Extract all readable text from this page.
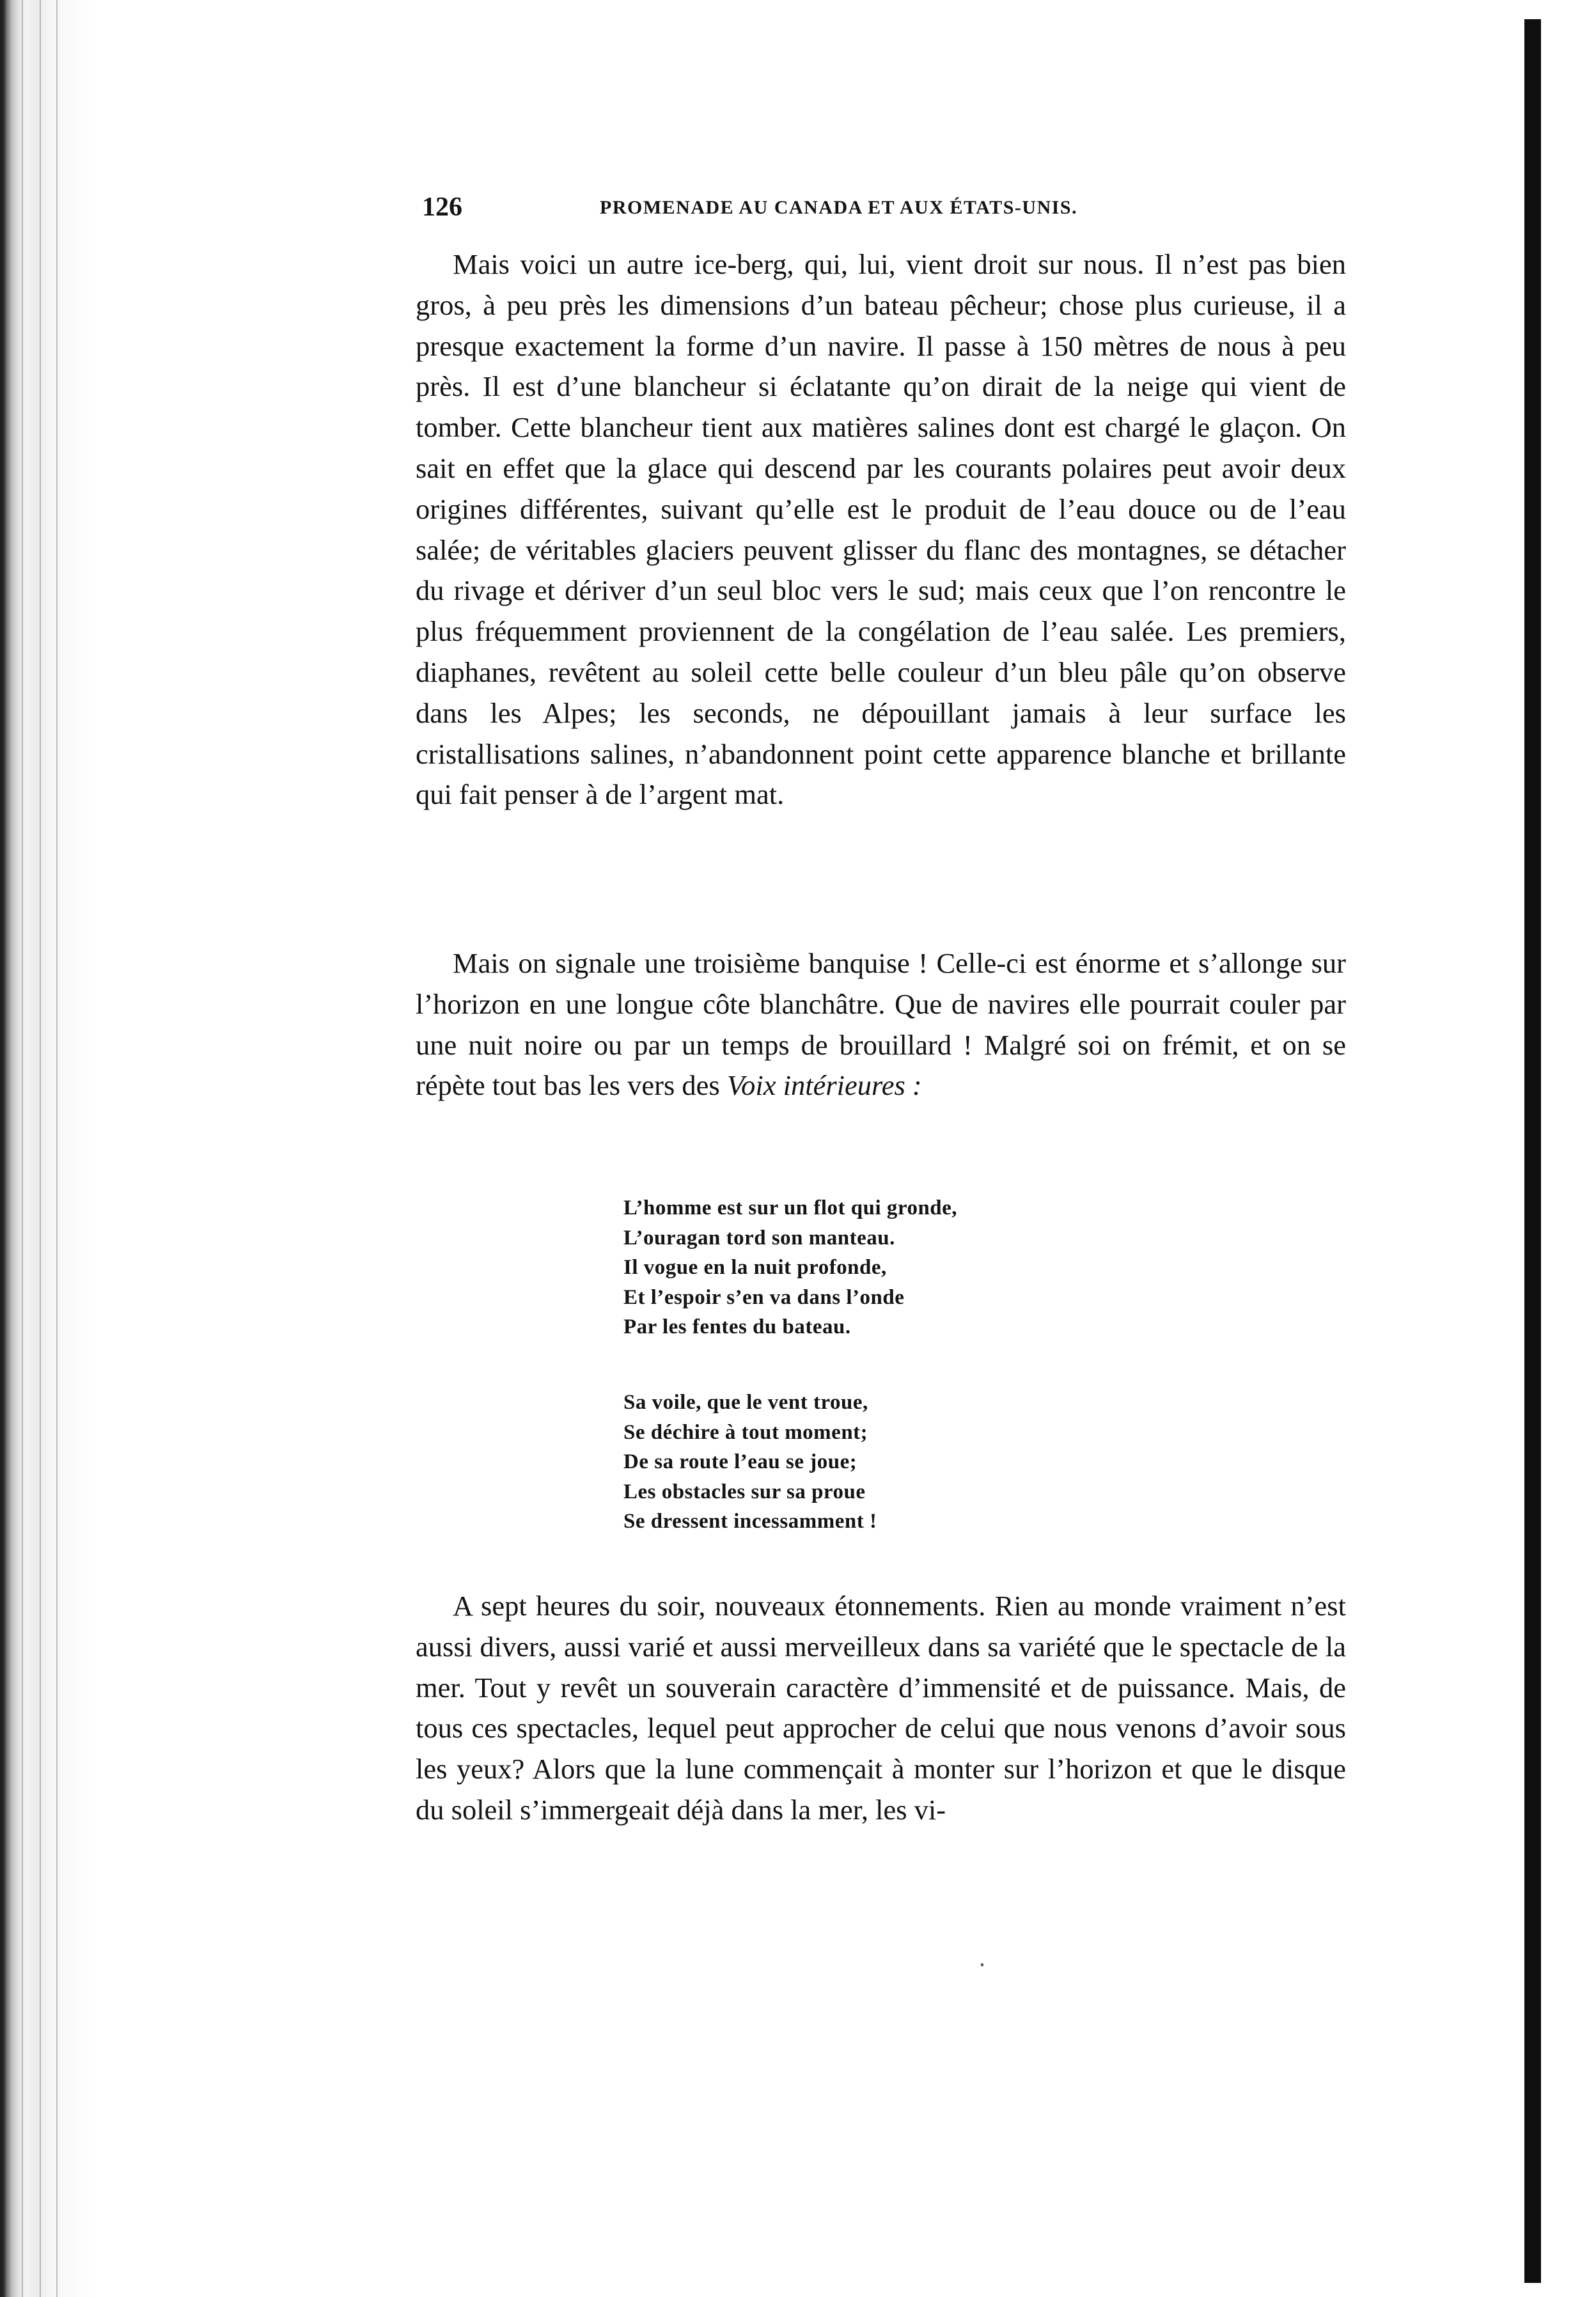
126	PROMENADE AU CANADA ET AUX ÉTATS-UNIS.

Mais voici un autre ice-berg, qui, lui, vient droit sur nous. Il n’est pas bien gros, à peu près les dimensions d’un bateau pêcheur; chose plus curieuse, il a presque exactement la forme d’un navire. Il passe à 150 mètres de nous à peu près. Il est d’une blancheur si éclatante qu’on dirait de la neige qui vient de tomber. Cette blancheur tient aux matières salines dont est chargé le glaçon. On sait en effet que la glace qui descend par les courants polaires peut avoir deux origines différentes, suivant qu’elle est le produit de l’eau douce ou de l’eau salée; de véritables glaciers peuvent glisser du flanc des montagnes, se détacher du rivage et dériver d’un seul bloc vers le sud; mais ceux que l’on rencontre le plus fréquemment proviennent de la congélation de l’eau salée. Les premiers, diaphanes, revêtent au soleil cette belle couleur d’un bleu pâle qu’on observe dans les Alpes; les seconds, ne dépouillant jamais à leur surface les cristallisations salines, n’abandonnent point cette apparence blanche et brillante qui fait penser à de l’argent mat.

Mais on signale une troisième banquise ! Celle-ci est énorme et s’allonge sur l’horizon en une longue côte blanchâtre. Que de navires elle pourrait couler par une nuit noire ou par un temps de brouillard ! Malgré soi on frémit, et on se répète tout bas les vers des Voix intérieures :

L’homme est sur un flot qui gronde,
L’ouragan tord son manteau.
Il vogue en la nuit profonde,
Et l’espoir s’en va dans l’onde
Par les fentes du bateau.
Sa voile, que le vent troue,
Se déchire à tout moment;
De sa route l’eau se joue;
Les obstacles sur sa proue
Se dressent incessamment !

A sept heures du soir, nouveaux étonnements. Rien au monde vraiment n’est aussi divers, aussi varié et aussi merveilleux dans sa variété que le spectacle de la mer. Tout y revêt un souverain caractère d’immensité et de puissance. Mais, de tous ces spectacles, lequel peut approcher de celui que nous venons d’avoir sous les yeux? Alors que la lune commençait à monter sur l’horizon et que le disque du soleil s’immergeait déjà dans la mer, les vi-
